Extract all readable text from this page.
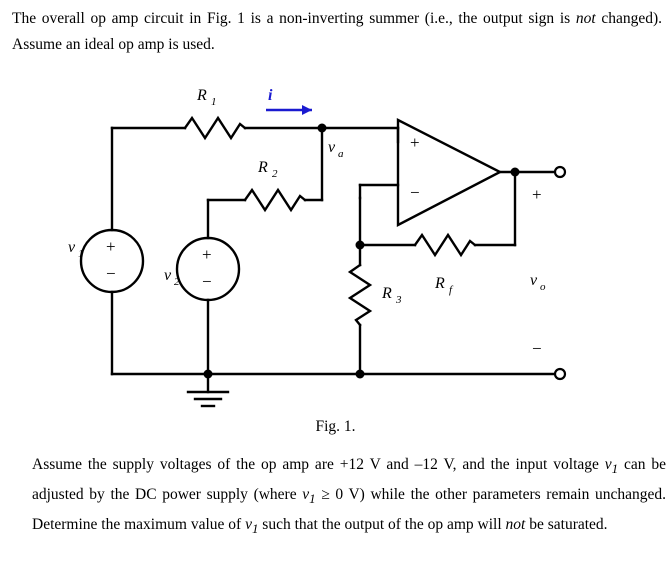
The overall op amp circuit in Fig. 1 is a non-inverting summer (i.e., the output sign is not changed). Assume an ideal op amp is used.
R 1
R 2
R 3
R f
i
v a
v 1
v 2	v o
+
−
+
−
+
−
+
−
Fig. 1.
Assume the supply voltages of the op amp are +12 V and –12 V, and the input voltage $v_1$ can be adjusted by the DC power supply (where $v_1 \ge 0$ V) while the other parameters remain unchanged. Determine the maximum value of $v_1$ such that the output of the op amp will not be saturated.
